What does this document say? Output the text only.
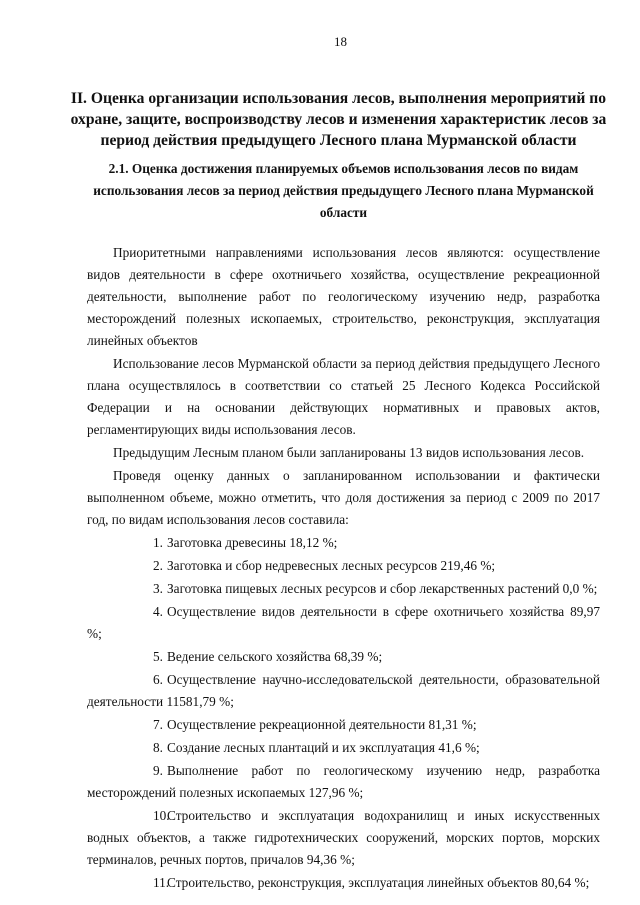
18
II. Оценка организации использования лесов, выполнения мероприятий по охране, защите, воспроизводству лесов и изменения характеристик лесов за период действия предыдущего Лесного плана Мурманской области
2.1. Оценка достижения планируемых объемов использования лесов по видам использования лесов за период действия предыдущего Лесного плана Мурманской области

Приоритетными направлениями использования лесов являются: осуществление видов деятельности в сфере охотничьего хозяйства, осуществление рекреационной деятельности, выполнение работ по геологическому изучению недр, разработка месторождений полезных ископаемых, строительство, реконструкция, эксплуатация линейных объектов

Использование лесов Мурманской области за период действия предыдущего Лесного плана осуществлялось в соответствии со статьей 25 Лесного Кодекса Российской Федерации и на основании действующих нормативных и правовых актов, регламентирующих виды использования лесов.

Предыдущим Лесным планом были запланированы 13 видов использования лесов.

Проведя оценку данных о запланированном использовании и фактически выполненном объеме, можно отметить, что доля достижения за период с 2009 по 2017 год, по видам использования лесов составила:

1. Заготовка древесины 18,12 %;

2. Заготовка и сбор недревесных лесных ресурсов 219,46 %;

3. Заготовка пищевых лесных ресурсов и сбор лекарственных растений 0,0 %;

4. Осуществление видов деятельности в сфере охотничьего хозяйства 89,97 %;

5. Ведение сельского хозяйства 68,39 %;

6. Осуществление научно-исследовательской деятельности, образовательной деятельности 11581,79 %;

7. Осуществление рекреационной деятельности 81,31 %;

8. Создание лесных плантаций и их эксплуатация 41,6 %;

9. Выполнение работ по геологическому изучению недр, разработка месторождений полезных ископаемых 127,96 %;

10.Строительство и эксплуатация водохранилищ и иных искусственных водных объектов, а также гидротехнических сооружений, морских портов, морских терминалов, речных портов, причалов 94,36 %;

11.Строительство, реконструкция, эксплуатация линейных объектов 80,64 %;
